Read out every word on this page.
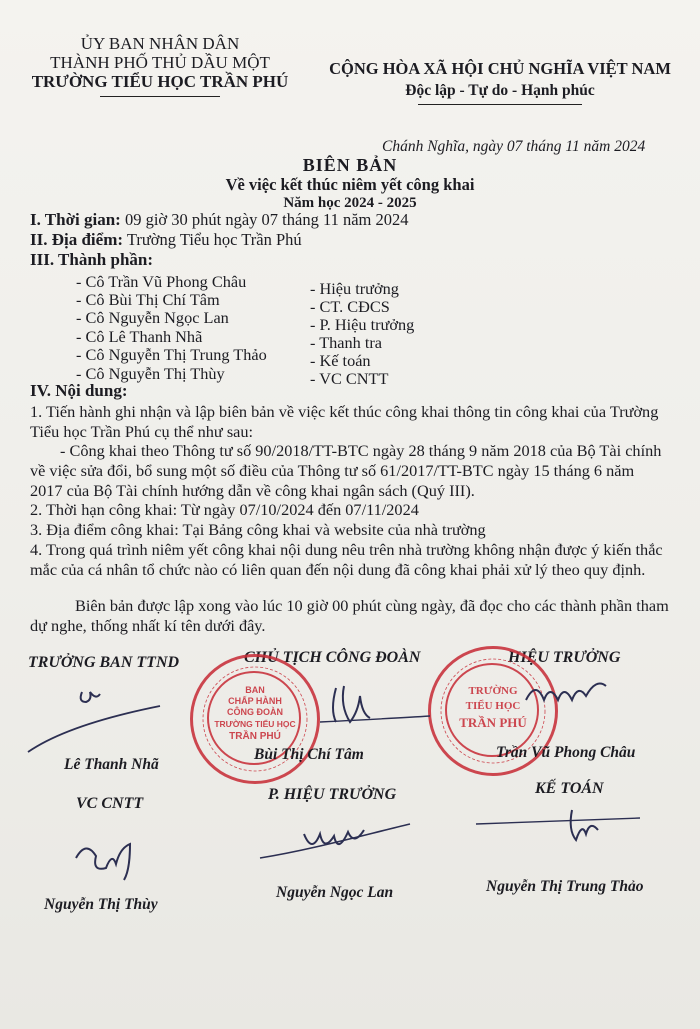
ỦY BAN NHÂN DÂN
THÀNH PHỐ THỦ DẦU MỘT
TRƯỜNG TIỂU HỌC TRẦN PHÚ
CỘNG HÒA XÃ HỘI CHỦ NGHĨA VIỆT NAM
Độc lập - Tự do - Hạnh phúc
Chánh Nghĩa, ngày 07 tháng 11 năm 2024
BIÊN BẢN
Về việc kết thúc niêm yết công khai
Năm học 2024 - 2025
I. Thời gian: 09 giờ 30 phút ngày 07 tháng 11 năm 2024
II. Địa điểm: Trường Tiểu học Trần Phú
III. Thành phần:
- Cô Trần Vũ Phong Châu	- Hiệu trưởng
- Cô Bùi Thị Chí Tâm	- CT. CĐCS
- Cô Nguyễn Ngọc Lan	- P. Hiệu trưởng
- Cô Lê Thanh Nhã	- Thanh tra
- Cô Nguyễn Thị Trung Thảo	- Kế toán
- Cô Nguyễn Thị Thùy	- VC CNTT
IV. Nội dung:
1. Tiến hành ghi nhận và lập biên bản về việc kết thúc công khai thông tin công khai của Trường Tiểu học Trần Phú cụ thể như sau:
- Công khai theo Thông tư số 90/2018/TT-BTC ngày 28 tháng 9 năm 2018 của Bộ Tài chính về việc sửa đổi, bổ sung một số điều của Thông tư số 61/2017/TT-BTC ngày 15 tháng 6 năm 2017 của Bộ Tài chính hướng dẫn về công khai ngân sách (Quý III).
2. Thời hạn công khai: Từ ngày 07/10/2024 đến 07/11/2024
3. Địa điểm công khai: Tại Bảng công khai và website của nhà trường
4. Trong quá trình niêm yết công khai nội dung nêu trên nhà trường không nhận được ý kiến thắc mắc của cá nhân tổ chức nào có liên quan đến nội dung đã công khai phải xử lý theo quy định.
Biên bản được lập xong vào lúc 10 giờ 00 phút cùng ngày, đã đọc cho các thành phần tham dự nghe, thống nhất kí tên dưới đây.
TRƯỞNG BAN TTND	CHỦ TỊCH CÔNG ĐOÀN	HIỆU TRƯỞNG
BAN
CHẤP HÀNH
CÔNG ĐOÀN
TRƯỜNG TIỂU HỌC
TRẦN PHÚ
TRƯỜNG
TIỂU HỌC
TRẦN PHÚ
Lê Thanh Nhã
Bùi Thị Chí Tâm	Trần Vũ Phong Châu
VC CNTT
P. HIỆU TRƯỞNG	KẾ TOÁN
Nguyễn Thị Thùy
Nguyễn Ngọc Lan	Nguyễn Thị Trung Thảo
